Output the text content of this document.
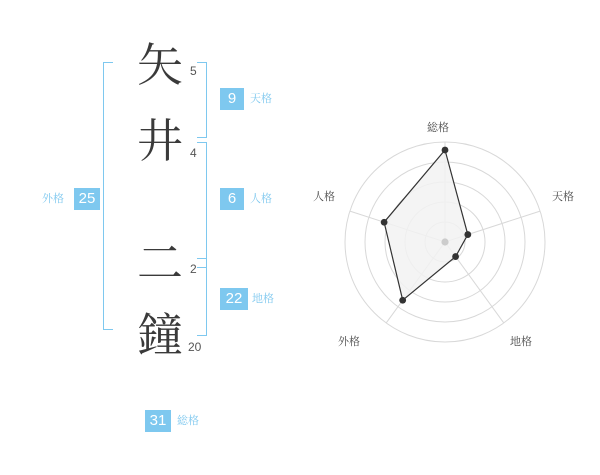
外格 25
矢 5
井 4
二 2
鐘 20
9	天格
6	人格
22 地格
31 総格
総格
天格
地格
外格
人格
